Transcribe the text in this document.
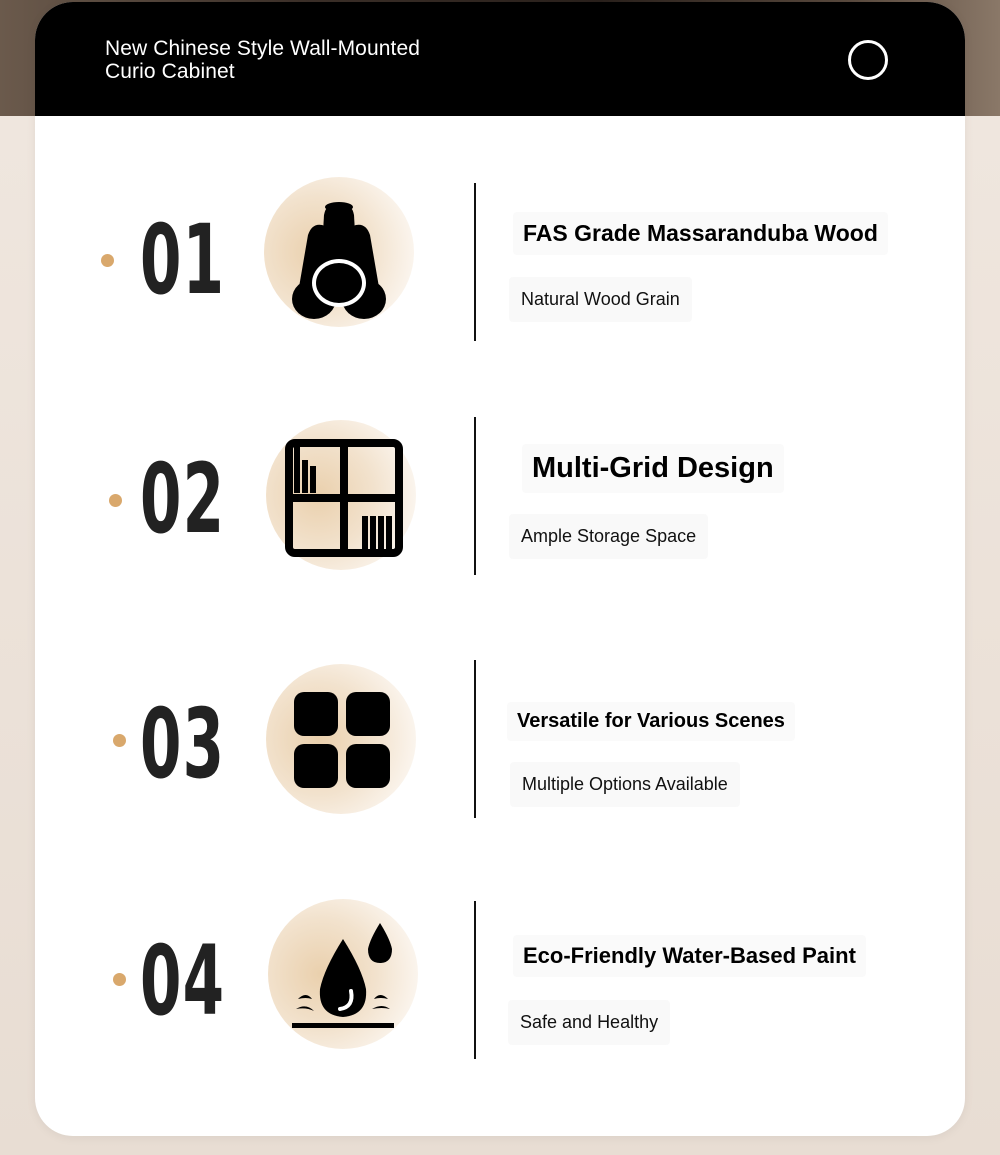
New Chinese Style Wall-Mounted Curio Cabinet
01	FAS Grade Massaranduba Wood
Natural Wood Grain
02	Multi-Grid Design
Ample Storage Space
03	Versatile for Various Scenes
Multiple Options Available
04	Eco-Friendly Water-Based Paint
Safe and Healthy
